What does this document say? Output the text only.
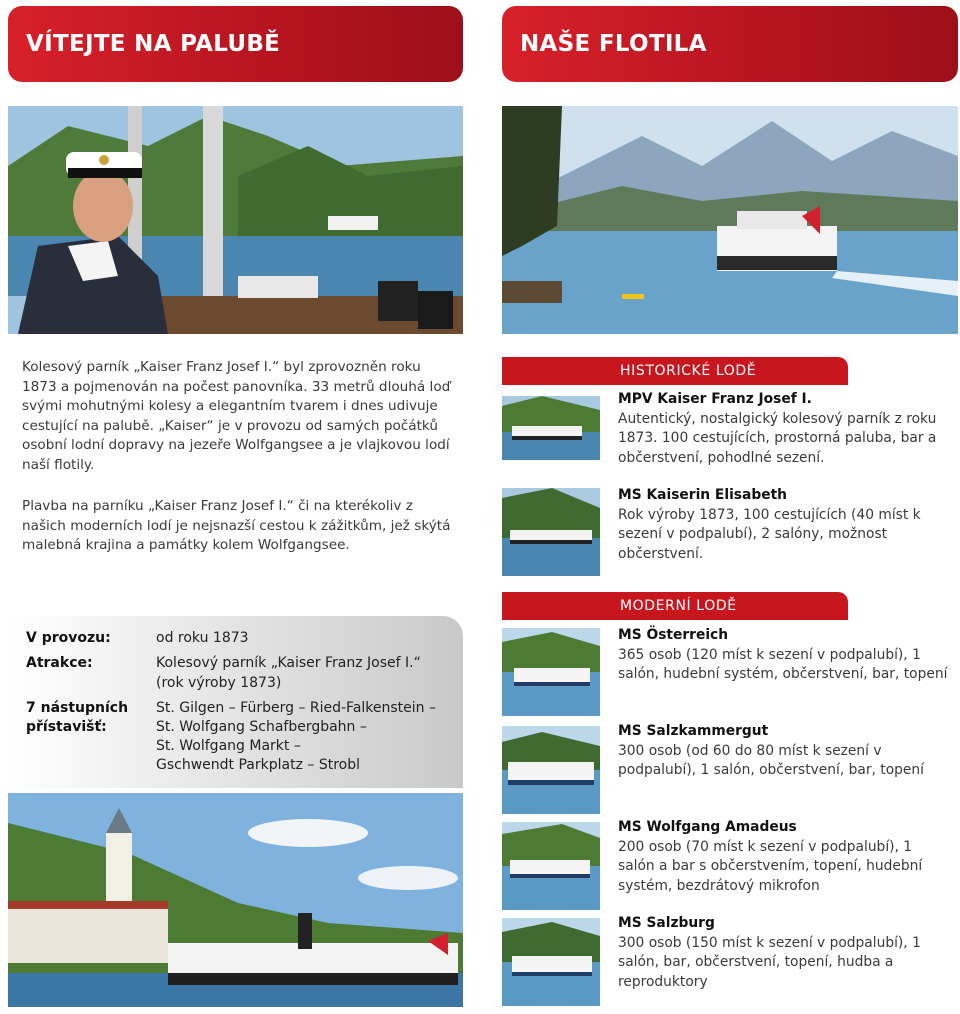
VÍTEJTE NA PALUBĚ	NAŠE FLOTILA

Kolesový parník „Kaiser Franz Josef I.“ byl zprovozněn roku 1873 a pojmenován na počest panovníka. 33 metrů dlouhá loď svými mohutnými kolesy a elegantním tvarem i dnes udivuje cestující na palubě. „Kaiser“ je v provozu od samých počátků osobní lodní dopravy na jezeře Wolfgangsee a je vlajkovou lodí naší flotily.

Plavba na parníku „Kaiser Franz Josef I.“ či na kterékoliv z našich moderních lodí je nejsnazší cestou k zážitkům, jež skýtá malebná krajina a památky kolem Wolfgangsee.

V provozu:	od roku 1873
Atrakce:	Kolesový parník „Kaiser Franz Josef I.“
(rok výroby 1873)
7 nástupních	St. Gilgen – Fürberg – Ried-Falkenstein –
přístavišť:	St. Wolfgang Schafbergbahn –
St. Wolfgang Markt –
Gschwendt Parkplatz – Strobl
HISTORICKÉ LODĚ
MPV Kaiser Franz Josef I.
Autentický, nostalgický kolesový parník z roku 1873. 100 cestujících, prostorná paluba, bar a občerstvení, pohodlné sezení.
MS Kaiserin Elisabeth
Rok výroby 1873, 100 cestujících (40 míst k sezení v podpalubí), 2 salóny, možnost občerstvení.
MODERNÍ LODĚ
MS Österreich
365 osob (120 míst k sezení v podpalubí), 1 salón, hudební systém, občerstvení, bar, topení
MS Salzkammergut
300 osob (od 60 do 80 míst k sezení v podpalubí), 1 salón, občerstvení, bar, topení
MS Wolfgang Amadeus
200 osob (70 míst k sezení v podpalubí), 1 salón a bar s občerstvením, topení, hudební systém, bezdrátový mikrofon
MS Salzburg
300 osob (150 míst k sezení v podpalubí), 1 salón, bar, občerstvení, topení, hudba a reproduktory
